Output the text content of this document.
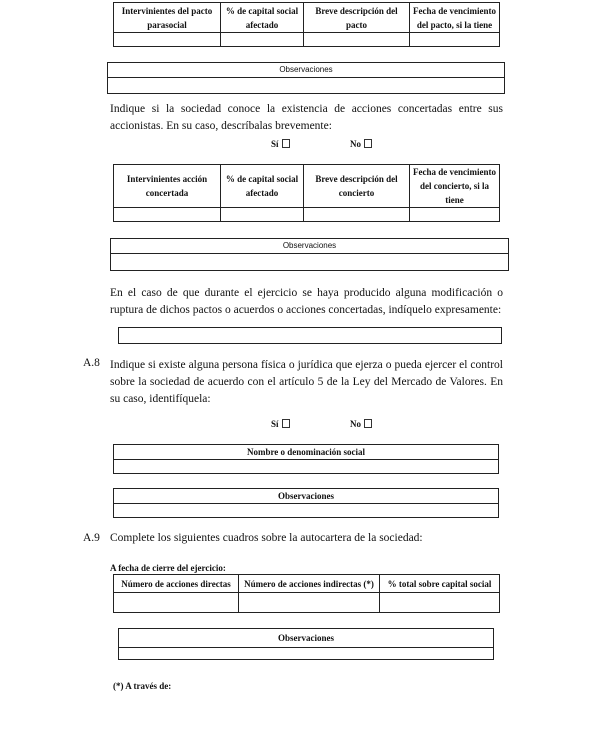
Intervinientes del pacto parasocial	% de capital social afectado	Breve descripción del pacto	Fecha de vencimiento del pacto, si la tiene

Observaciones
Indique si la sociedad conoce la existencia de acciones concertadas entre sus accionistas. En su caso, descríbalas brevemente:
Sí	No
Intervinientes acción concertada	% de capital social afectado	Breve descripción del concierto	Fecha de vencimiento del concierto, si la tiene

Observaciones
En el caso de que durante el ejercicio se haya producido alguna modificación o ruptura de dichos pactos o acuerdos o acciones concertadas, indíquelo expresamente:
A.8 Indique si existe alguna persona física o jurídica que ejerza o pueda ejercer el control sobre la sociedad de acuerdo con el artículo 5 de la Ley del Mercado de Valores. En su caso, identifíquela:
Sí	No
Nombre o denominación social
Observaciones
A.9 Complete los siguientes cuadros sobre la autocartera de la sociedad:
A fecha de cierre del ejercicio:
Número de acciones directas	Número de acciones indirectas (*)	% total sobre capital social

Observaciones
(*) A través de:
